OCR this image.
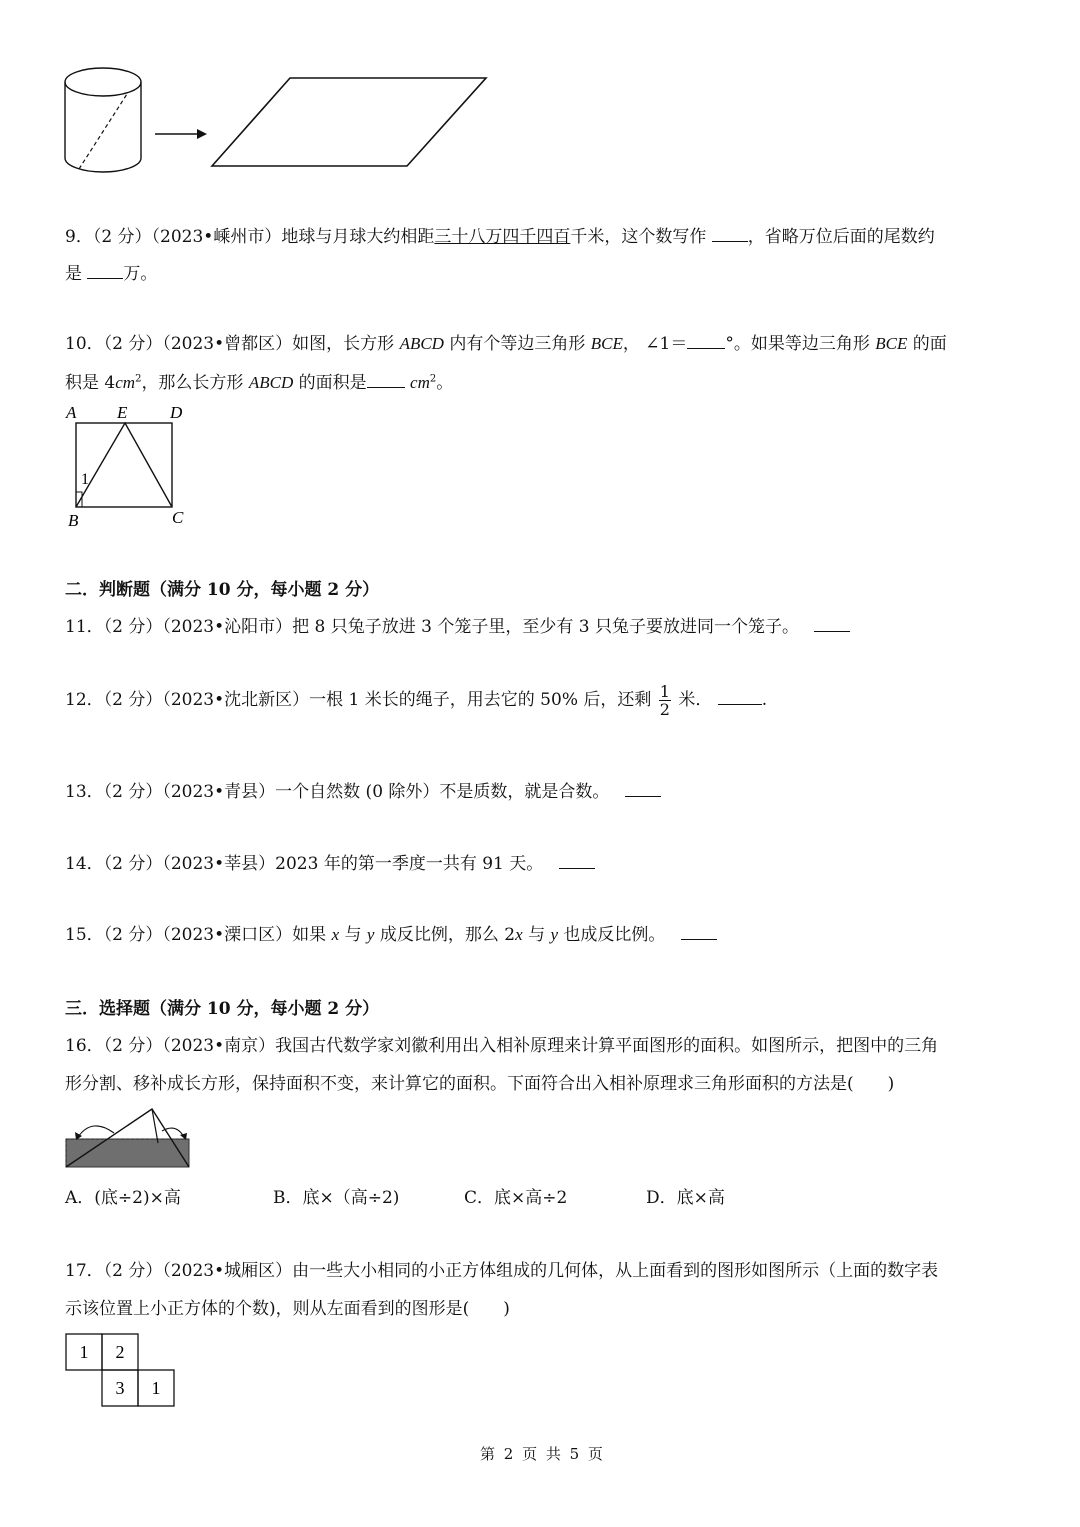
9．（2 分）（2023•嵊州市）地球与月球大约相距三十八万四千四百千米，这个数写作 ，省略万位后面的尾数约
是 万。
10．（2 分）（2023•曾都区）如图，长方形 ABCD 内有个等边三角形 BCE， ∠1＝ °。如果等边三角形 BCE 的面
积是 $4cm^2$，那么长方形 ABCD 的面积是	$cm^2$。
A E	D
B	C
1
二．判断题（满分 10 分，每小题 2 分）
11．（2 分）（2023•沁阳市）把 8 只兔子放进 3 个笼子里，至少有 3 只兔子要放进同一个笼子。
12．（2 分）（2023•沈北新区）一根 1 米长的绳子，用去它的 50% 后，还剩 $\frac{1}{2}$ 米．	.
13．（2 分）（2023•青县）一个自然数 (0 除外）不是质数，就是合数。
14．（2 分）（2023•莘县）2023 年的第一季度一共有 91 天。
15．（2 分）（2023•溧口区）如果 x 与 y 成反比例，那么 2x 与 y 也成反比例。
三．选择题（满分 10 分，每小题 2 分）
16．（2 分）（2023•南京）我国古代数学家刘徽利用出入相补原理来计算平面图形的面积。如图所示，把图中的三角
形分割、移补成长方形，保持面积不变，来计算它的面积。下面符合出入相补原理求三角形面积的方法是(　　)
A．(底÷2)×高	B．底×（高÷2)	C．底×高÷2	D．底×高
17．（2 分）（2023•城厢区）由一些大小相同的小正方体组成的几何体，从上面看到的图形如图所示（上面的数字表
示该位置上小正方体的个数)，则从左面看到的图形是(　　)
1 2
3 1
第 2 页 共 5 页
